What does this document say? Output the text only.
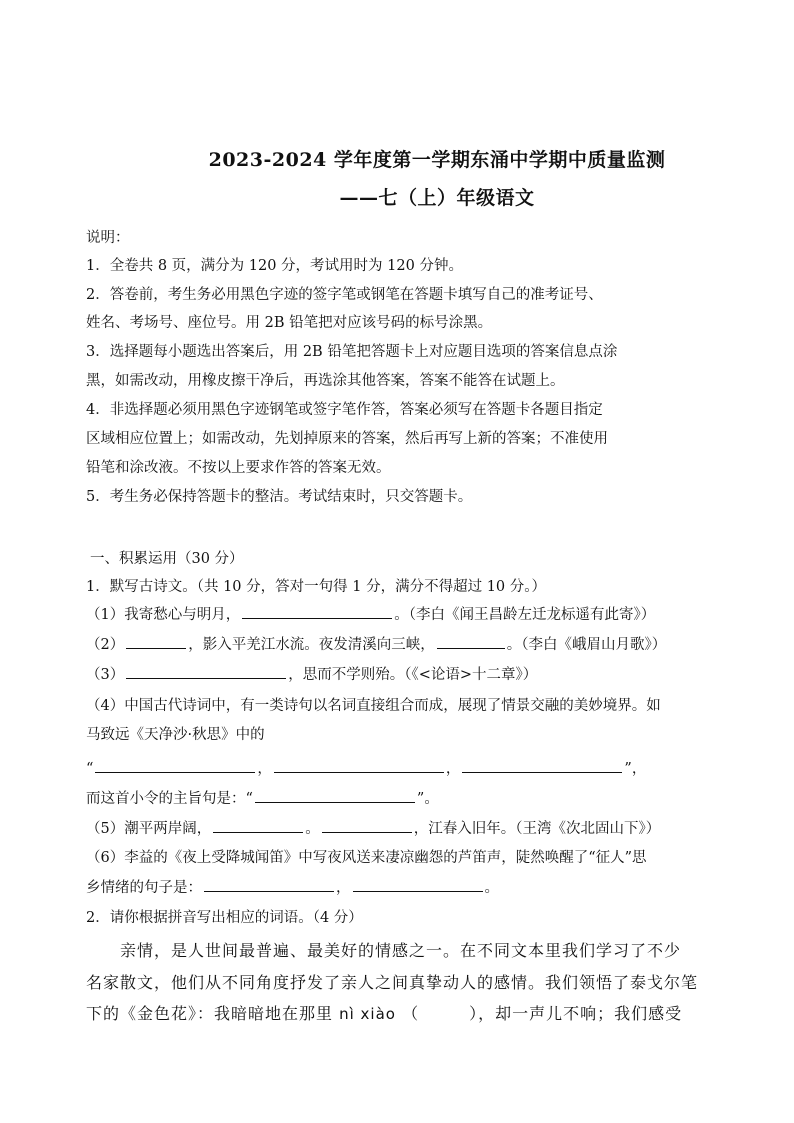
2023-2024 学年度第一学期东涌中学期中质量监测
——七（上）年级语文
说明：
1．全卷共 8 页，满分为 120 分，考试用时为 120 分钟。
2．答卷前，考生务必用黑色字迹的签字笔或钢笔在答题卡填写自己的准考证号、
姓名、考场号、座位号。用 2B 铅笔把对应该号码的标号涂黑。
3．选择题每小题选出答案后，用 2B 铅笔把答题卡上对应题目选项的答案信息点涂
黑，如需改动，用橡皮擦干净后，再选涂其他答案，答案不能答在试题上。
4．非选择题必须用黑色字迹钢笔或签字笔作答，答案必须写在答题卡各题目指定
区域相应位置上；如需改动，先划掉原来的答案，然后再写上新的答案；不准使用
铅笔和涂改液。不按以上要求作答的答案无效。
5．考生务必保持答题卡的整洁。考试结束时，只交答题卡。
一、积累运用（30 分）
1．默写古诗文。（共 10 分，答对一句得 1 分，满分不得超过 10 分。）
（1）我寄愁心与明月，	。（李白《闻王昌龄左迁龙标遥有此寄》）
（2）	，影入平羌江水流。夜发清溪向三峡，	。（李白《峨眉山月歌》）
（3）	，思而不学则殆。（《<论语>十二章》）
（4）中国古代诗词中，有一类诗句以名词直接组合而成，展现了情景交融的美妙境界。如
马致远《天净沙·秋思》中的
“	，	，	”，
而这首小令的主旨句是：“	”。
（5）潮平两岸阔，	。	，江春入旧年。（王湾《次北固山下》）
（6）李益的《夜上受降城闻笛》中写夜风送来凄凉幽怨的芦笛声，陡然唤醒了“征人”思
乡情绪的句子是：	，	。
2．请你根据拼音写出相应的词语。（4 分）
亲情，是人世间最普遍、最美好的情感之一。在不同文本里我们学习了不少
名家散文，他们从不同角度抒发了亲人之间真挚动人的感情。我们领悟了泰戈尔笔
下的《金色花》：我暗暗地在那里 nì xiào （	），却一声儿不响；我们感受
